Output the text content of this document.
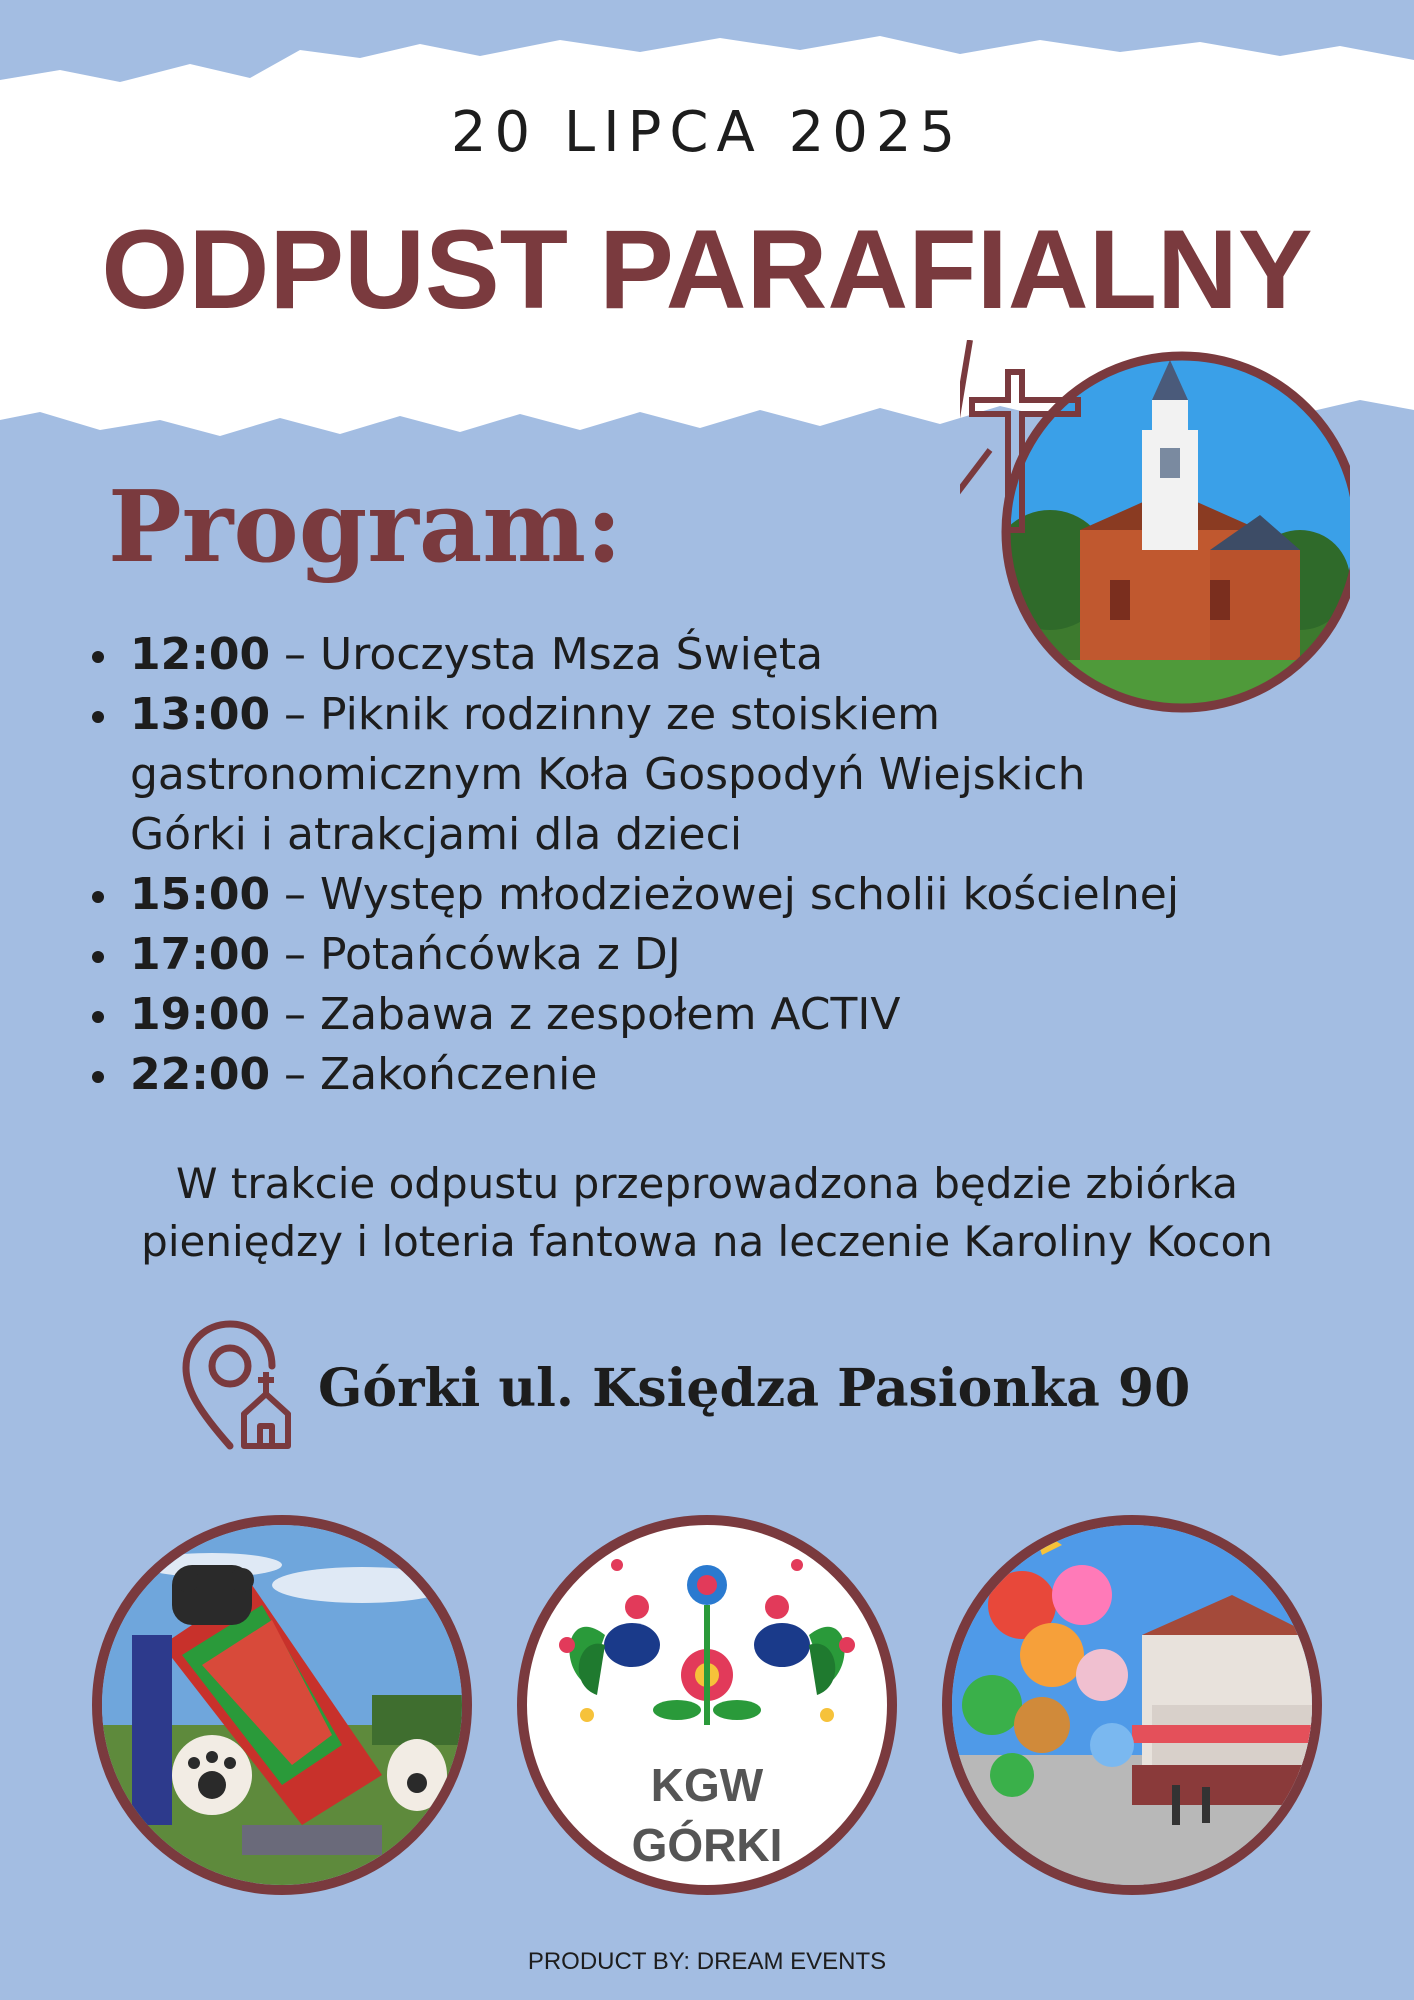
20 LIPCA 2025
ODPUST PARAFIALNY
Program:
12:00 – Uroczysta Msza Święta
13:00 – Piknik rodzinny ze stoiskiem
gastronomicznym Koła Gospodyń Wiejskich
Górki i atrakcjami dla dzieci
15:00 – Występ młodzieżowej scholii kościelnej
17:00 – Potańcówka z DJ
19:00 – Zabawa z zespołem ACTIV
22:00 – Zakończenie
W trakcie odpustu przeprowadzona będzie zbiórka
pieniędzy i loteria fantowa na leczenie Karoliny Kocon
Górki ul. Księdza Pasionka 90
KGW
GÓRKI
PRODUCT BY: DREAM EVENTS
